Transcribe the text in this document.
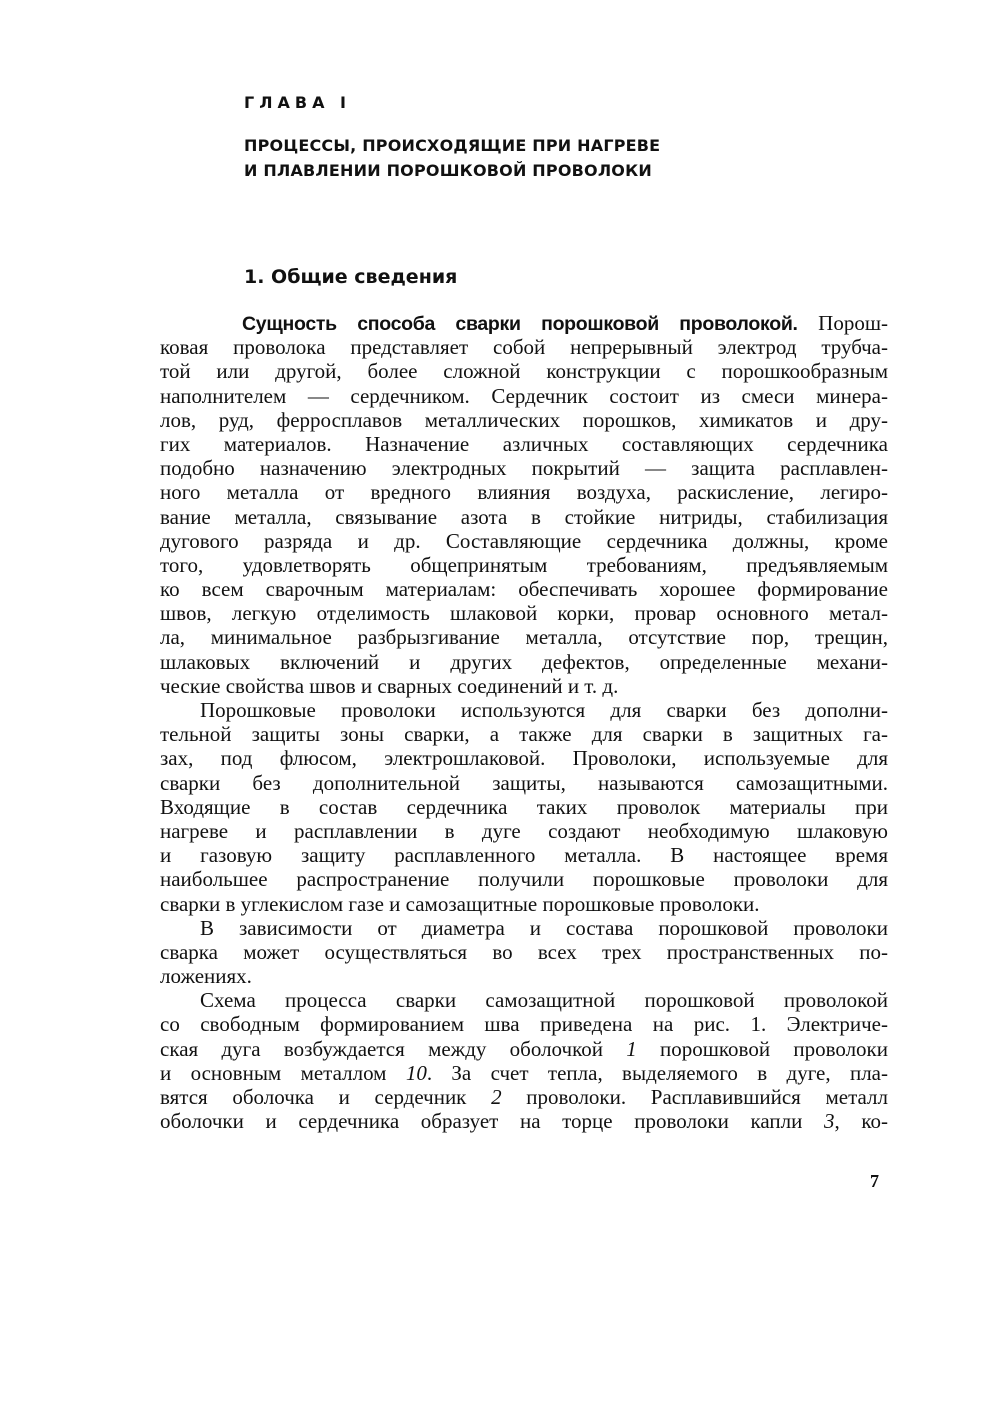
ГЛАВА I

ПРОЦЕССЫ, ПРОИСХОДЯЩИЕ ПРИ НАГРЕВЕ
И ПЛАВЛЕНИИ ПОРОШКОВОЙ ПРОВОЛОКИ
1. Общие сведения

Сущность способа сварки порошковой проволокой. Порош-
ковая проволока представляет собой непрерывный электрод трубча-
той или другой, более сложной конструкции с порошкообразным
наполнителем — сердечником. Сердечник состоит из смеси минера-
лов, руд, ферросплавов металлических порошков, химикатов и дру-
гих материалов. Назначение азличных составляющих сердечника
подобно назначению электродных покрытий — защита расплавлен-
ного металла от вредного влияния воздуха, раскисление, легиро-
вание металла, связывание азота в стойкие нитриды, стабилизация
дугового разряда и др. Составляющие сердечника должны, кроме
того, удовлетворять общепринятым требованиям, предъявляемым
ко всем сварочным материалам: обеспечивать хорошее формирование
швов, легкую отделимость шлаковой корки, провар основного метал-
ла, минимальное разбрызгивание металла, отсутствие пор, трещин,
шлаковых включений и других дефектов, определенные механи-
ческие свойства швов и сварных соединений и т. д.

Порошковые проволоки используются для сварки без дополни-
тельной защиты зоны сварки, а также для сварки в защитных га-
зах, под флюсом, электрошлаковой. Проволоки, используемые для
сварки без дополнительной защиты, называются самозащитными.
Входящие в состав сердечника таких проволок материалы при
нагреве и расплавлении в дуге создают необходимую шлаковую
и газовую защиту расплавленного металла. В настоящее время
наибольшее распространение получили порошковые проволоки для
сварки в углекислом газе и самозащитные порошковые проволоки.

В зависимости от диаметра и состава порошковой проволоки
сварка может осуществляться во всех трех пространственных по-
ложениях.

Схема процесса сварки самозащитной порошковой проволокой
со свободным формированием шва приведена на рис. 1. Электриче-
ская дуга возбуждается между оболочкой 1 порошковой проволоки
и основным металлом 10. За счет тепла, выделяемого в дуге, пла-
вятся оболочка и сердечник 2 проволоки. Расплавившийся металл
оболочки и сердечника образует на торце проволоки капли 3, ко-

7
